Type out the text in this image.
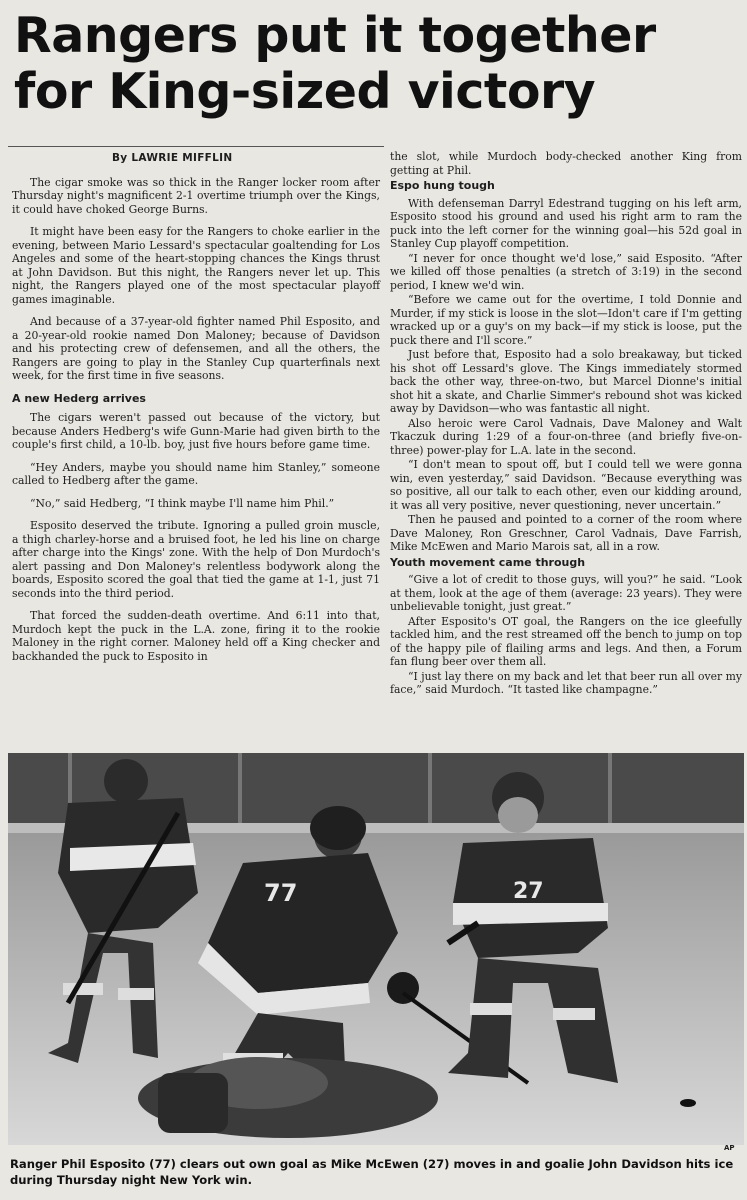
Rangers put it together
for King-sized victory
By LAWRIE MIFFLIN

The cigar smoke was so thick in the Ranger locker room after Thursday night's magnificent 2-1 overtime triumph over the Kings, it could have choked George Burns.

It might have been easy for the Rangers to choke earlier in the evening, between Mario Lessard's spectacular goaltending for Los Angeles and some of the heart-stopping chances the Kings thrust at John Davidson. But this night, the Rangers never let up. This night, the Rangers played one of the most spectacular playoff games imaginable.

And because of a 37-year-old fighter named Phil Esposito, and a 20-year-old rookie named Don Maloney; because of Davidson and his protecting crew of defensemen, and all the others, the Rangers are going to play in the Stanley Cup quarterfinals next week, for the first time in five seasons.

A new Hederg arrives

The cigars weren't passed out because of the victory, but because Anders Hedberg's wife Gunn-Marie had given birth to the couple's first child, a 10-lb. boy, just five hours before game time.

“Hey Anders, maybe you should name him Stanley,” someone called to Hedberg after the game.

“No,” said Hedberg, “I think maybe I'll name him Phil.”

Esposito deserved the tribute. Ignoring a pulled groin muscle, a thigh charley-horse and a bruised foot, he led his line on charge after charge into the Kings' zone. With the help of Don Murdoch's alert passing and Don Maloney's relentless bodywork along the boards, Esposito scored the goal that tied the game at 1-1, just 71 seconds into the third period.

That forced the sudden-death overtime. And 6:11 into that, Murdoch kept the puck in the L.A. zone, firing it to the rookie Maloney in the right corner. Maloney held off a King checker and backhanded the puck to Esposito in

the slot, while Murdoch body-checked another King from getting at Phil.

Espo hung tough

With defenseman Darryl Edestrand tugging on his left arm, Esposito stood his ground and used his right arm to ram the puck into the left corner for the winning goal—his 52d goal in Stanley Cup playoff competition.

“I never for once thought we'd lose,” said Esposito. “After we killed off those penalties (a stretch of 3:19) in the second period, I knew we'd win.

“Before we came out for the overtime, I told Donnie and Murder, if my stick is loose in the slot—Idon't care if I'm getting wracked up or a guy's on my back—if my stick is loose, put the puck there and I'll score.”

Just before that, Esposito had a solo breakaway, but ticked his shot off Lessard's glove. The Kings immediately stormed back the other way, three-on-two, but Marcel Dionne's initial shot hit a skate, and Charlie Simmer's rebound shot was kicked away by Davidson—who was fantastic all night.

Also heroic were Carol Vadnais, Dave Maloney and Walt Tkaczuk during 1:29 of a four-on-three (and briefly five-on-three) power-play for L.A. late in the second.

“I don't mean to spout off, but I could tell we were gonna win, even yesterday,” said Davidson. “Because everything was so positive, all our talk to each other, even our kidding around, it was all very positive, never questioning, never uncertain.”

Then he paused and pointed to a corner of the room where Dave Maloney, Ron Greschner, Carol Vadnais, Dave Farrish, Mike McEwen and Mario Marois sat, all in a row.

Youth movement came through

“Give a lot of credit to those guys, will you?” he said. “Look at them, look at the age of them (average: 23 years). They were unbelievable tonight, just great.”

After Esposito's OT goal, the Rangers on the ice gleefully tackled him, and the rest streamed off the bench to jump on top of the happy pile of flailing arms and legs. And then, a Forum fan flung beer over them all.

“I just lay there on my back and let that beer run all over my face,” said Murdoch. “It tasted like champagne.”

77	27
AP
Ranger Phil Esposito (77) clears out own goal as Mike McEwen (27) moves in and goalie John Davidson hits ice during Thursday night New York win.
